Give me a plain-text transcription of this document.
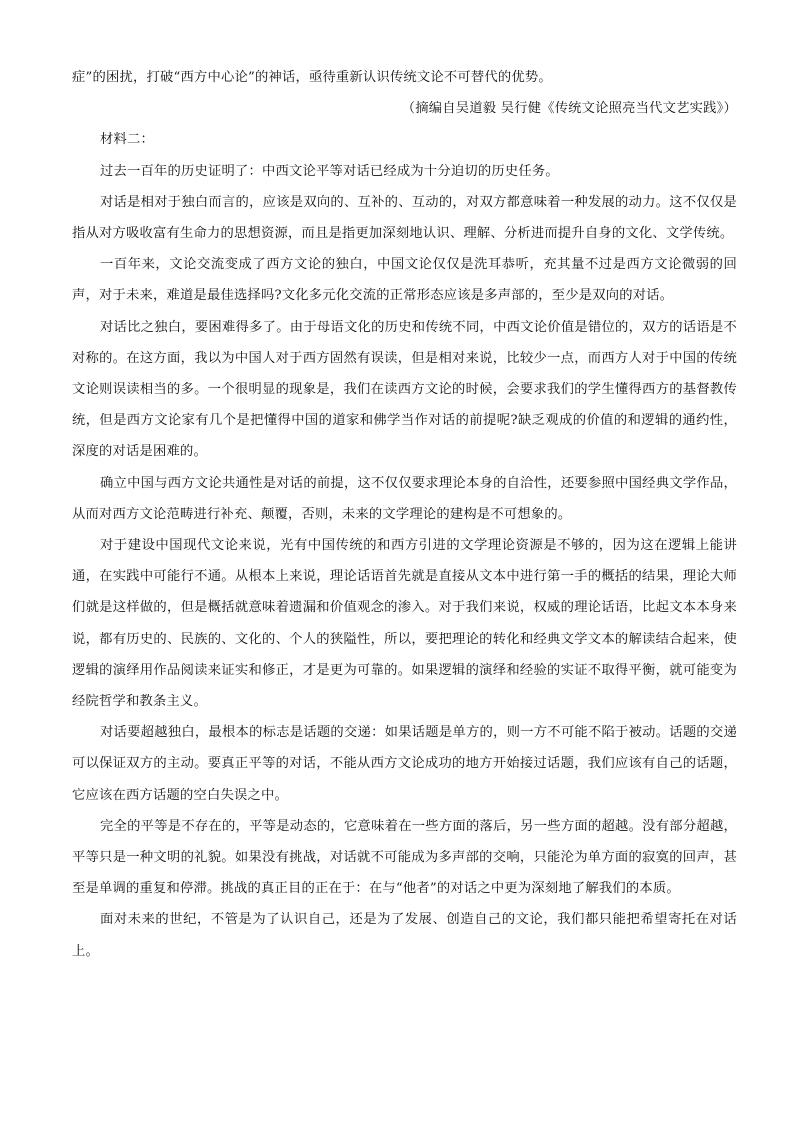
症”的困扰，打破“西方中心论”的神话，亟待重新认识传统文论不可替代的优势。

（摘编自吴道毅 吴行健《传统文论照亮当代文艺实践》）

材料二：

过去一百年的历史证明了：中西文论平等对话已经成为十分迫切的历史任务。

对话是相对于独白而言的，应该是双向的、互补的、互动的，对双方都意味着一种发展的动力。这不仅仅是指从对方吸收富有生命力的思想资源，而且是指更加深刻地认识、理解、分析进而提升自身的文化、文学传统。

一百年来，文论交流变成了西方文论的独白，中国文论仅仅是洗耳恭听，充其量不过是西方文论微弱的回声，对于未来，难道是最佳选择吗?文化多元化交流的正常形态应该是多声部的，至少是双向的对话。

对话比之独白，要困难得多了。由于母语文化的历史和传统不同，中西文论价值是错位的，双方的话语是不对称的。在这方面，我以为中国人对于西方固然有误读，但是相对来说，比较少一点，而西方人对于中国的传统文论则误读相当的多。一个很明显的现象是，我们在读西方文论的时候，会要求我们的学生懂得西方的基督教传统，但是西方文论家有几个是把懂得中国的道家和佛学当作对话的前提呢?缺乏观成的价值的和逻辑的通约性，深度的对话是困难的。

确立中国与西方文论共通性是对话的前提，这不仅仅要求理论本身的自洽性，还要参照中国经典文学作品，从而对西方文论范畴进行补充、颠覆，否则，未来的文学理论的建构是不可想象的。

对于建设中国现代文论来说，光有中国传统的和西方引进的文学理论资源是不够的，因为这在逻辑上能讲通，在实践中可能行不通。从根本上来说，理论话语首先就是直接从文本中进行第一手的概括的结果，理论大师们就是这样做的，但是概括就意味着遗漏和价值观念的渗入。对于我们来说，权威的理论话语，比起文本本身来说，都有历史的、民族的、文化的、个人的狭隘性，所以，要把理论的转化和经典文学文本的解读结合起来，使逻辑的演绎用作品阅读来证实和修正，才是更为可靠的。如果逻辑的演绎和经验的实证不取得平衡，就可能变为经院哲学和教条主义。

对话要超越独白，最根本的标志是话题的交递：如果话题是单方的，则一方不可能不陷于被动。话题的交递可以保证双方的主动。要真正平等的对话，不能从西方文论成功的地方开始接过话题，我们应该有自己的话题，它应该在西方话题的空白失误之中。

完全的平等是不存在的，平等是动态的，它意味着在一些方面的落后，另一些方面的超越。没有部分超越，平等只是一种文明的礼貌。如果没有挑战，对话就不可能成为多声部的交响，只能沦为单方面的寂寞的回声，甚至是单调的重复和停滞。挑战的真正目的正在于：在与“他者”的对话之中更为深刻地了解我们的本质。

面对未来的世纪，不管是为了认识自己，还是为了发展、创造自己的文论，我们都只能把希望寄托在对话上。
